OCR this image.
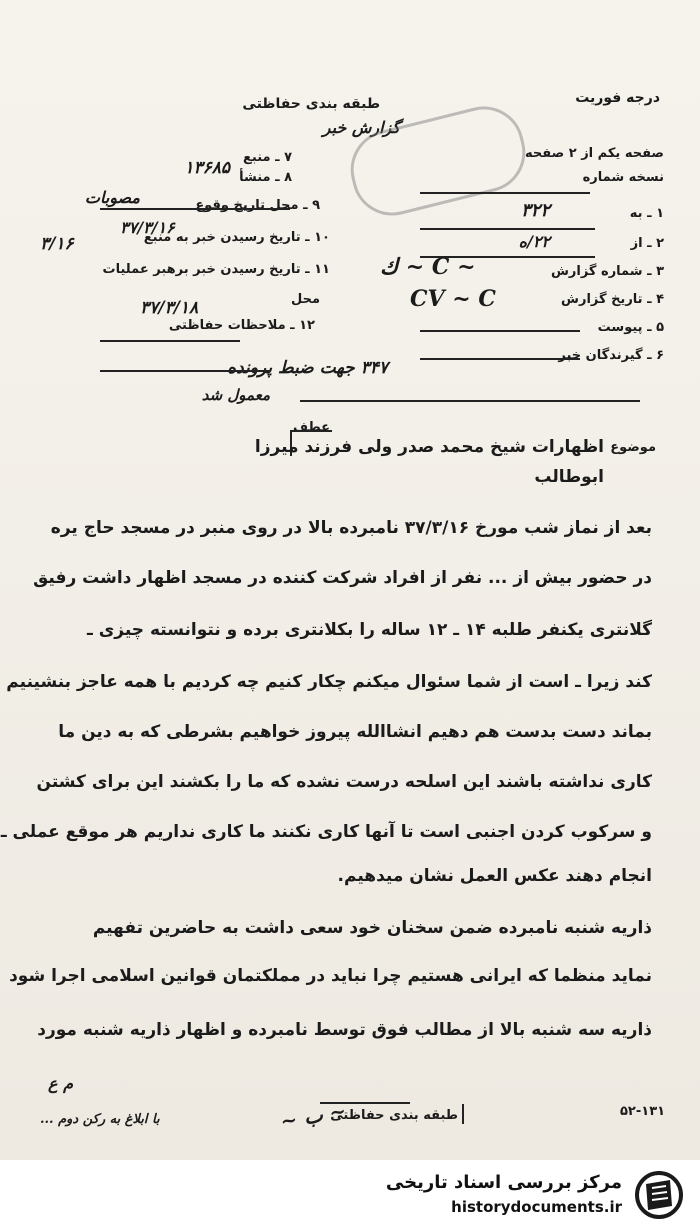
درجه فوریت
طبقه بندی حفاظتی
گزارش خبر
صفحه یکم از ۲ صفحه
نسخه شماره
۱ ـ به
۳۲۲
۲ ـ از
۲۲/ه
۳ ـ شماره گزارش
~ C ~ ك
۴ ـ تاریخ گزارش
CV ~ C
۵ ـ پیوست
۶ ـ گیرندگان خبر
۳۴۷ جهت ضبط پرونده
معمول شد
۷ ـ منبع
۱۳۶۸۵ ۸ ـ منشأ
۹ ـ محل تاریخ وقوع
مصوبات
۳۷/۳/۱۶
۱۰ ـ تاریخ رسیدن خبر به منبع
۳/۱۶
۱۱ ـ تاریخ رسیدن خبر برهبر عملیات
محل
۳۷/۳/۱۸
۱۲ ـ ملاحظات حفاظتی
عطف
موضوع
اظهارات شیخ محمد صدر ولی فرزند میرزا
ابوطالب
بعد از نماز شب مورخ ۳۷/۳/۱۶ نامبرده بالا در روی منبر در مسجد حاج یره
در حضور بیش از ... نفر از افراد شرکت کننده در مسجد اظهار داشت رفیق
گلانتری یکنفر طلبه ۱۴ ـ ۱۲ ساله را بکلانتری برده و نتوانسته چیزی ـ
کند زیرا ـ است از شما سئوال میکنم چکار کنیم چه کردیم با همه عاجز بنشینیم
بماند دست بدست هم دهیم انشاالله پیروز خواهیم بشرطی که به دین ما
کاری نداشته باشند این اسلحه درست نشده که ما را بکشند این برای کشتن
و سرکوب کردن اجنبی است تا آنها کاری نکنند ما کاری نداریم هر موقع عملی ـ
انجام دهند عکس العمل نشان میدهیم.
ذاریه شنبه نامبرده ضمن سخنان خود سعی داشت به حاضرین تفهیم
نماید منظما که ایرانی هستیم چرا نباید در مملکتمان قوانین اسلامی اجرا شود
ذاریه سه شنبه بالا از مطالب فوق توسط نامبرده و اظهار ذاریه شنبه مورد
م ع
با ابلاغ به رکن دوم ...	~ ب ~
طبقه بندی حفاظتی	۵۲-۱۳۱
مرکز بررسی اسناد تاریخی
historydocuments.ir
